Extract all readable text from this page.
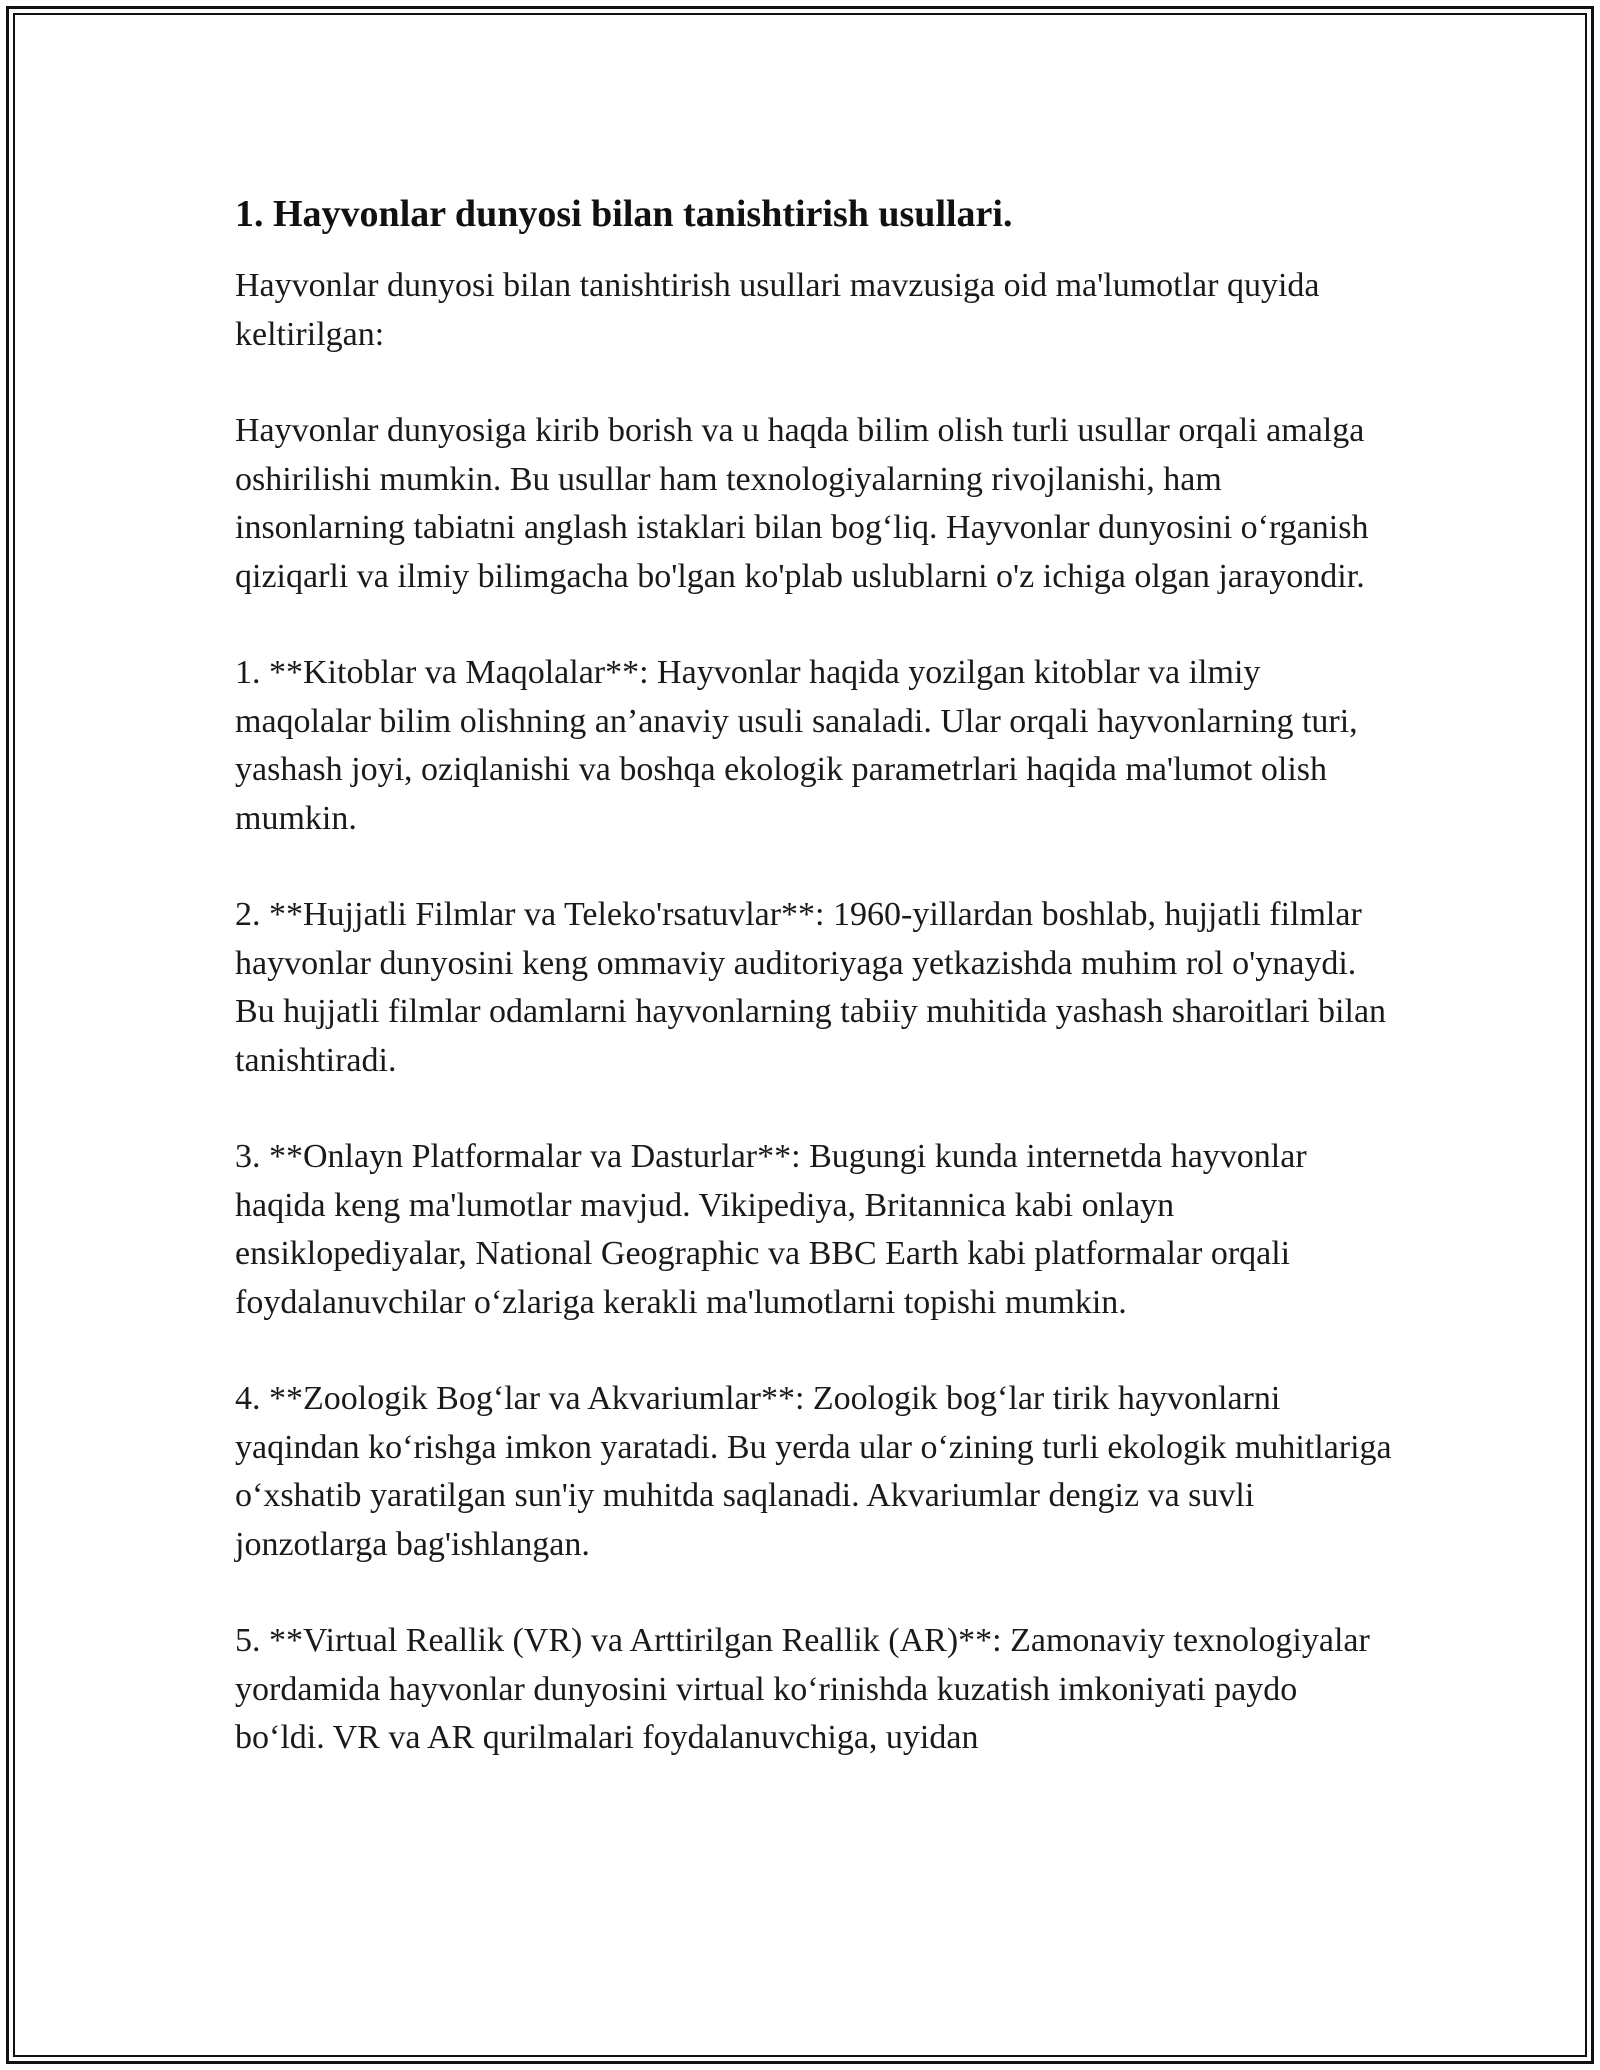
1. Hayvonlar dunyosi bilan tanishtirish usullari.

Hayvonlar dunyosi bilan tanishtirish usullari mavzusiga oid ma'lumotlar quyida keltirilgan:

Hayvonlar dunyosiga kirib borish va u haqda bilim olish turli usullar orqali amalga oshirilishi mumkin. Bu usullar ham texnologiyalarning rivojlanishi, ham insonlarning tabiatni anglash istaklari bilan bog‘liq. Hayvonlar dunyosini o‘rganish qiziqarli va ilmiy bilimgacha bo'lgan ko'plab uslublarni o'z ichiga olgan jarayondir.

1. **Kitoblar va Maqolalar**: Hayvonlar haqida yozilgan kitoblar va ilmiy maqolalar bilim olishning an’anaviy usuli sanaladi. Ular orqali hayvonlarning turi, yashash joyi, oziqlanishi va boshqa ekologik parametrlari haqida ma'lumot olish mumkin.

2. **Hujjatli Filmlar va Teleko'rsatuvlar**: 1960-yillardan boshlab, hujjatli filmlar hayvonlar dunyosini keng ommaviy auditoriyaga yetkazishda muhim rol o'ynaydi. Bu hujjatli filmlar odamlarni hayvonlarning tabiiy muhitida yashash sharoitlari bilan tanishtiradi.

3. **Onlayn Platformalar va Dasturlar**: Bugungi kunda internetda hayvonlar haqida keng ma'lumotlar mavjud. Vikipediya, Britannica kabi onlayn ensiklopediyalar, National Geographic va BBC Earth kabi platformalar orqali foydalanuvchilar o‘zlariga kerakli ma'lumotlarni topishi mumkin.

4. **Zoologik Bog‘lar va Akvariumlar**: Zoologik bog‘lar tirik hayvonlarni yaqindan ko‘rishga imkon yaratadi. Bu yerda ular o‘zining turli ekologik muhitlariga o‘xshatib yaratilgan sun'iy muhitda saqlanadi. Akvariumlar dengiz va suvli jonzotlarga bag'ishlangan.

5. **Virtual Reallik (VR) va Arttirilgan Reallik (AR)**: Zamonaviy texnologiyalar yordamida hayvonlar dunyosini virtual ko‘rinishda kuzatish imkoniyati paydo bo‘ldi. VR va AR qurilmalari foydalanuvchiga, uyidan
